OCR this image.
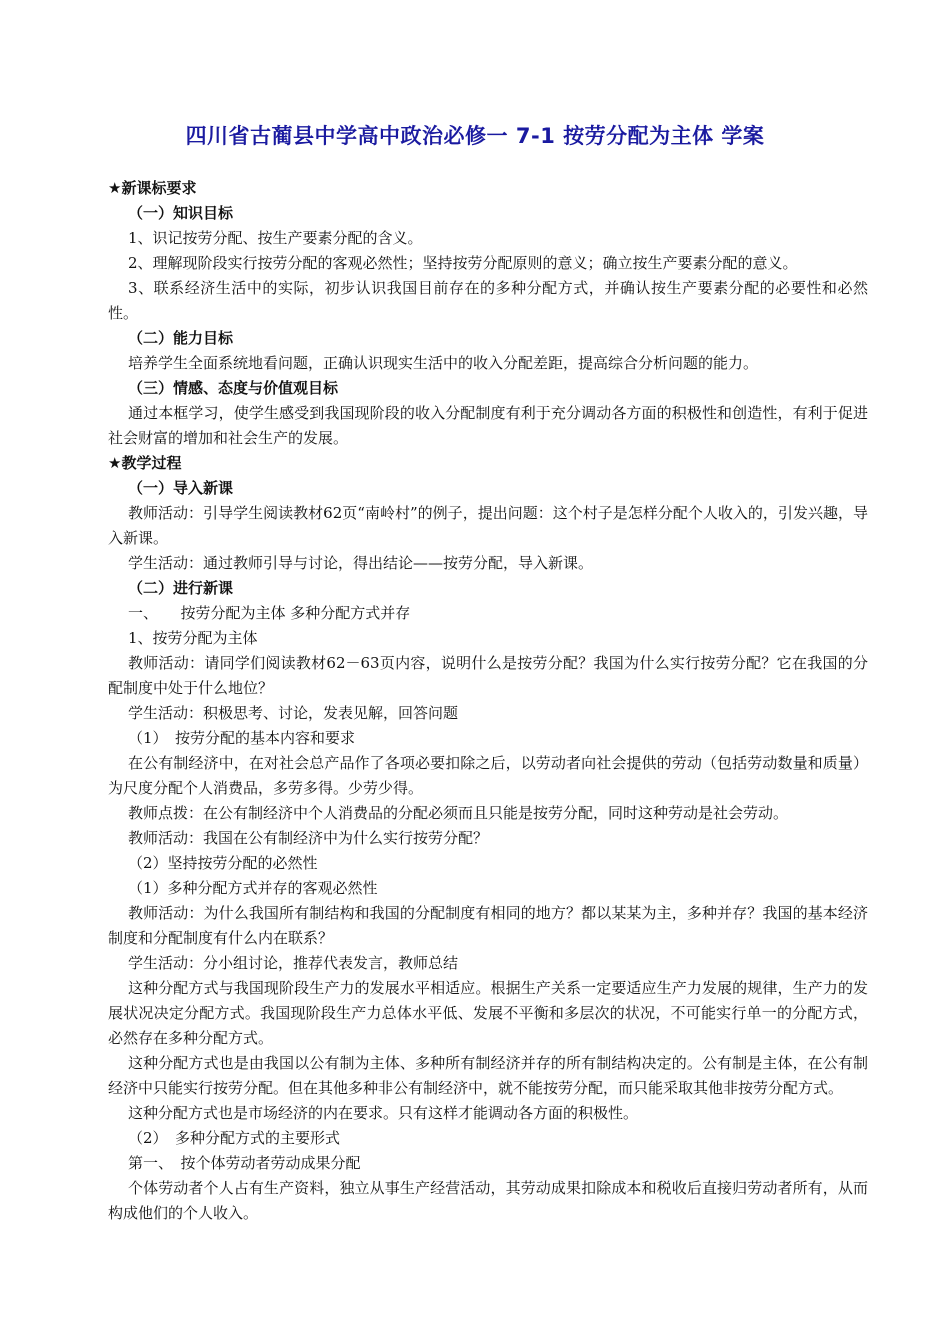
四川省古蔺县中学高中政治必修一 7-1 按劳分配为主体 学案
★新课标要求
（一）知识目标
1、识记按劳分配、按生产要素分配的含义。
2、理解现阶段实行按劳分配的客观必然性；坚持按劳分配原则的意义；确立按生产要素分配的意义。
3、联系经济生活中的实际，初步认识我国目前存在的多种分配方式，并确认按生产要素分配的必要性和必然性。
（二）能力目标
培养学生全面系统地看问题，正确认识现实生活中的收入分配差距，提高综合分析问题的能力。
（三）情感、态度与价值观目标
通过本框学习，使学生感受到我国现阶段的收入分配制度有利于充分调动各方面的积极性和创造性，有利于促进社会财富的增加和社会生产的发展。
★教学过程
（一）导入新课
教师活动：引导学生阅读教材62页“南岭村”的例子，提出问题：这个村子是怎样分配个人收入的，引发兴趣，导入新课。
学生活动：通过教师引导与讨论，得出结论——按劳分配，导入新课。
（二）进行新课
一、　　按劳分配为主体 多种分配方式并存
1、按劳分配为主体
教师活动：请同学们阅读教材62－63页内容，说明什么是按劳分配？我国为什么实行按劳分配？它在我国的分配制度中处于什么地位？
学生活动：积极思考、讨论，发表见解，回答问题
（1）　按劳分配的基本内容和要求
在公有制经济中，在对社会总产品作了各项必要扣除之后，以劳动者向社会提供的劳动（包括劳动数量和质量）为尺度分配个人消费品，多劳多得。少劳少得。
教师点拨：在公有制经济中个人消费品的分配必须而且只能是按劳分配，同时这种劳动是社会劳动。
教师活动：我国在公有制经济中为什么实行按劳分配？
（2）坚持按劳分配的必然性
（1）多种分配方式并存的客观必然性
教师活动：为什么我国所有制结构和我国的分配制度有相同的地方？都以某某为主，多种并存？我国的基本经济制度和分配制度有什么内在联系？
学生活动：分小组讨论，推荐代表发言，教师总结
这种分配方式与我国现阶段生产力的发展水平相适应。根据生产关系一定要适应生产力发展的规律，生产力的发展状况决定分配方式。我国现阶段生产力总体水平低、发展不平衡和多层次的状况，不可能实行单一的分配方式，必然存在多种分配方式。
这种分配方式也是由我国以公有制为主体、多种所有制经济并存的所有制结构决定的。公有制是主体，在公有制经济中只能实行按劳分配。但在其他多种非公有制经济中，就不能按劳分配，而只能采取其他非按劳分配方式。
这种分配方式也是市场经济的内在要求。只有这样才能调动各方面的积极性。
（2）　多种分配方式的主要形式
第一、　按个体劳动者劳动成果分配
个体劳动者个人占有生产资料，独立从事生产经营活动，其劳动成果扣除成本和税收后直接归劳动者所有，从而构成他们的个人收入。
